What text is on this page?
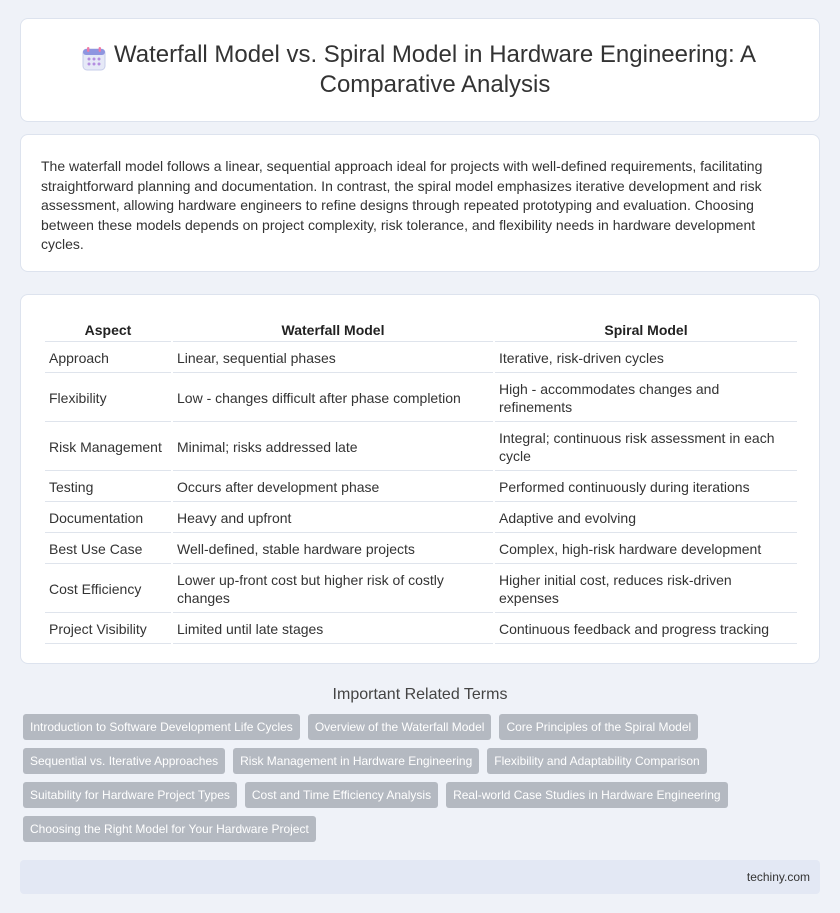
Waterfall Model vs. Spiral Model in Hardware Engineering: A Comparative Analysis

The waterfall model follows a linear, sequential approach ideal for projects with well-defined requirements, facilitating straightforward planning and documentation. In contrast, the spiral model emphasizes iterative development and risk assessment, allowing hardware engineers to refine designs through repeated prototyping and evaluation. Choosing between these models depends on project complexity, risk tolerance, and flexibility needs in hardware development cycles.

Aspect	Waterfall Model	Spiral Model
Approach	Linear, sequential phases	Iterative, risk-driven cycles
Flexibility	Low - changes difficult after phase completion	High - accommodates changes and refinements
Risk Management	Minimal; risks addressed late	Integral; continuous risk assessment in each cycle
Testing	Occurs after development phase	Performed continuously during iterations
Documentation	Heavy and upfront	Adaptive and evolving
Best Use Case	Well-defined, stable hardware projects	Complex, high-risk hardware development
Cost Efficiency	Lower up-front cost but higher risk of costly changes	Higher initial cost, reduces risk-driven expenses
Project Visibility	Limited until late stages	Continuous feedback and progress tracking
Important Related Terms
Introduction to Software Development Life Cycles	Overview of the Waterfall Model	Core Principles of the Spiral Model
Sequential vs. Iterative Approaches	Risk Management in Hardware Engineering	Flexibility and Adaptability Comparison
Suitability for Hardware Project Types	Cost and Time Efficiency Analysis	Real-world Case Studies in Hardware Engineering
Choosing the Right Model for Your Hardware Project
techiny.com
